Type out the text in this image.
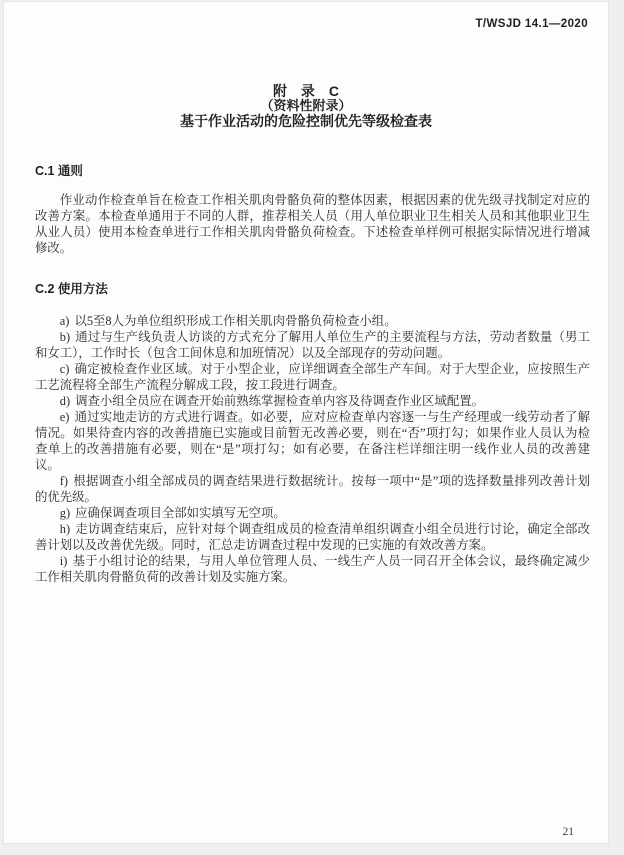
T/WSJD 14.1—2020
附　录　C
（资料性附录）
基于作业活动的危险控制优先等级检查表
C.1 通则

作业动作检查单旨在检查工作相关肌肉骨骼负荷的整体因素，根据因素的优先级寻找制定对应的改善方案。本检查单通用于不同的人群，推荐相关人员（用人单位职业卫生相关人员和其他职业卫生从业人员）使用本检查单进行工作相关肌肉骨骼负荷检查。下述检查单样例可根据实际情况进行增减修改。

C.2 使用方法

a) 以5至8人为单位组织形成工作相关肌肉骨骼负荷检查小组。

b) 通过与生产线负责人访谈的方式充分了解用人单位生产的主要流程与方法，劳动者数量（男工和女工），工作时长（包含工间休息和加班情况）以及全部现存的劳动问题。

c) 确定被检查作业区域。对于小型企业，应详细调查全部生产车间。对于大型企业，应按照生产工艺流程将全部生产流程分解成工段，按工段进行调查。

d) 调查小组全员应在调查开始前熟练掌握检查单内容及待调查作业区域配置。

e) 通过实地走访的方式进行调查。如必要，应对应检查单内容逐一与生产经理或一线劳动者了解情况。如果待查内容的改善措施已实施或目前暂无改善必要，则在“否”项打勾；如果作业人员认为检查单上的改善措施有必要，则在“是”项打勾；如有必要，在备注栏详细注明一线作业人员的改善建议。

f) 根据调查小组全部成员的调查结果进行数据统计。按每一项中“是”项的选择数量排列改善计划的优先级。

g) 应确保调查项目全部如实填写无空项。

h) 走访调查结束后，应针对每个调查组成员的检查清单组织调查小组全员进行讨论，确定全部改善计划以及改善优先级。同时，汇总走访调查过程中发现的已实施的有效改善方案。

i) 基于小组讨论的结果，与用人单位管理人员、一线生产人员一同召开全体会议，最终确定减少工作相关肌肉骨骼负荷的改善计划及实施方案。

21
